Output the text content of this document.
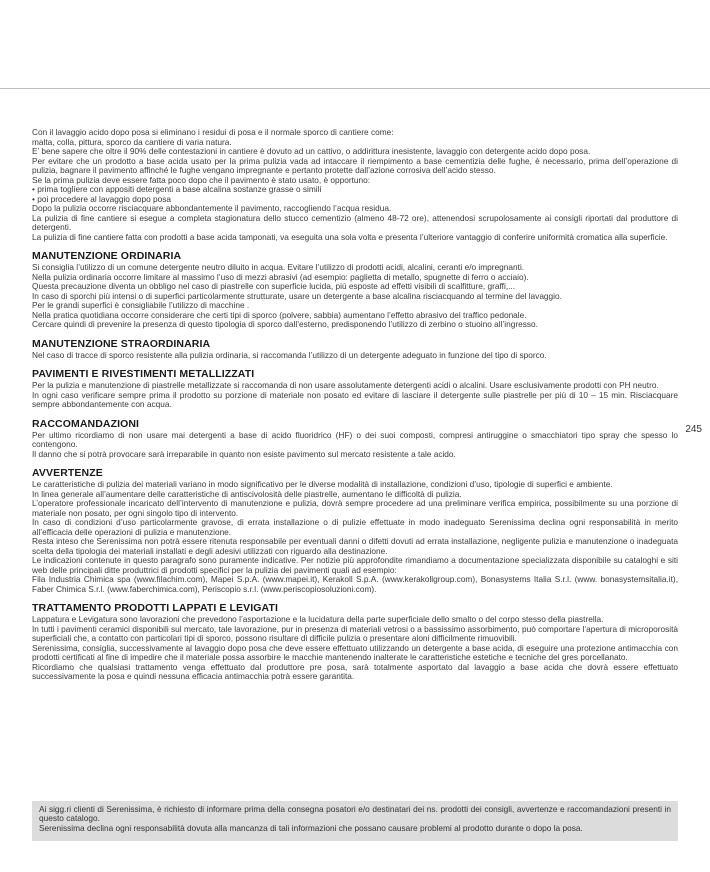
Con il lavaggio acido dopo posa si eliminano i residui di posa e il normale sporco di cantiere come:

malta, colla, pittura, sporco da cantiere di varia natura.

E’ bene sapere che oltre il 90% delle contestazioni in cantiere è dovuto ad un cattivo, o addirittura inesistente, lavaggio con detergente acido dopo posa.

Per evitare che un prodotto a base acida usato per la prima pulizia vada ad intaccare il riempimento a base cementizia delle fughe, è necessario, prima dell’operazione di pulizia, bagnare il pavimento affinché le fughe vengano impregnante e pertanto protette dall’azione corrosiva dell’acido stesso.

Se la prima pulizia deve essere fatta poco dopo che il pavimento è stato usato, è opportuno:

• prima togliere con appositi detergenti a base alcalina sostanze grasse o simili

• poi procedere al lavaggio dopo posa

Dopo la pulizia occorre risciacquare abbondantemente il pavimento, raccogliendo l’acqua residua.

La pulizia di fine cantiere si esegue a completa stagionatura dello stucco cementizio (almeno 48-72 ore), attenendosi scrupolosamente ai consigli riportati dal produttore di detergenti.

La pulizia di fine cantiere fatta con prodotti a base acida tamponati, va eseguita una sola volta e presenta l’ulteriore vantaggio di conferire uniformità cromatica alla superficie.

MANUTENZIONE ORDINARIA

Si consiglia l’utilizzo di un comune detergente neutro diluito in acqua. Evitare l’utilizzo di prodotti acidi, alcalini, ceranti e/o impregnanti.

Nella pulizia ordinaria occorre limitare al massimo l’uso di mezzi abrasivi (ad esempio: paglietta di metallo, spugnette di ferro o acciaio).

Questa precauzione diventa un obbligo nel caso di piastrelle con superficie lucida, più esposte ad effetti visibili di scalfitture, graffi,...

In caso di sporchi più intensi o di superfici particolarmente strutturate, usare un detergente a base alcalina risciacquando al termine del lavaggio.

Per le grandi superfici è consigliabile l’utilizzo di macchine .

Nella pratica quotidiana occorre considerare che certi tipi di sporco (polvere, sabbia) aumentano l’effetto abrasivo del traffico pedonale.

Cercare quindi di prevenire la presenza di questo tipologia di sporco dall’esterno, predisponendo l’utilizzo di zerbino o stuoino all’ingresso.

MANUTENZIONE STRAORDINARIA

Nel caso di tracce di sporco resistente alla pulizia ordinaria, si raccomanda l’utilizzo di un detergente adeguato in funzione del tipo di sporco.

PAVIMENTI E RIVESTIMENTI METALLIZZATI

Per la pulizia e manutenzione di piastrelle metallizzate si raccomanda di non usare assolutamente detergenti acidi o alcalini. Usare esclusivamente prodotti con PH neutro.

In ogni caso verificare sempre prima il prodotto su porzione di materiale non posato ed evitare di lasciare il detergente sulle piastrelle per più di 10 – 15 min. Risciacquare sempre abbondantemente con acqua.

RACCOMANDAZIONI

Per ultimo ricordiamo di non usare mai detergenti a base di acido fluoridrico (HF) o dei suoi composti, compresi antiruggine o smacchiatori tipo spray che spesso lo contengono.

Il danno che si potrà provocare sarà irreparabile in quanto non esiste pavimento sul mercato resistente a tale acido.

AVVERTENZE

Le caratteristiche di pulizia dei materiali variano in modo significativo per le diverse modalità di installazione, condizioni d’uso, tipologie di superfici e ambiente.

In linea generale all’aumentare delle caratteristiche di antiscivolosità delle piastrelle, aumentano le difficoltà di pulizia.

L’operatore professionale incaricato dell’intervento di manutenzione e pulizia, dovrà sempre procedere ad una preliminare verifica empirica, possibilmente su una porzione di materiale non posato, per ogni singolo tipo di intervento.

In caso di condizioni d’uso particolarmente gravose, di errata installazione o di pulizie effettuate in modo inadeguato Serenissima declina ogni responsabilità in merito all’efficacia delle operazioni di pulizia e manutenzione.

Resta inteso che Serenissima non potrà essere ritenuta responsabile per eventuali danni o difetti dovuti ad errata installazione, negligente pulizia e manutenzione o inadeguata scelta della tipologia dei materiali installati e degli adesivi utilizzati con riguardo alla destinazione.

Le indicazioni contenute in questo paragrafo sono puramente indicative. Per notizie più approfondite rimandiamo a documentazione specializzata disponibile su cataloghi e siti web delle principali ditte produttrici di prodotti specifici per la pulizia dei pavimenti quali ad esempio:

Fila Industria Chimica spa (www.filachim.com), Mapei S.p.A. (www.mapei.it), Kerakoll S.p.A. (www.kerakollgroup.com), Bonasystems Italia S.r.l. (www. bonasystemsitalia.it), Faber Chimica S.r.l. (www.faberchimica.com), Periscopio s.r.l. (www.periscopiosoluzioni.com).

TRATTAMENTO PRODOTTI LAPPATI E LEVIGATI

Lappatura e Levigatura sono lavorazioni che prevedono l’asportazione e la lucidatura della parte superficiale dello smalto o del corpo stesso della piastrella.

In tutti i pavimenti ceramici disponibili sul mercato, tale lavorazione, pur in presenza di materiali vetrosi o a bassissimo assorbimento, può comportare l’apertura di microporosità superficiali che, a contatto con particolari tipi di sporco, possono risultare di difficile pulizia o presentare aloni difficilmente rimuovibili.

Serenissima, consiglia, successivamente al lavaggio dopo posa che deve essere effettuato utilizzando un detergente a base acida, di eseguire una protezione antimacchia con prodotti certificati al fine di impedire che il materiale possa assorbire le macchie mantenendo inalterate le caratteristiche estetiche e tecniche del gres porcellanato.

Ricordiamo che qualsiasi trattamento venga effettuato dal produttore pre posa, sarà totalmente asportato dal lavaggio a base acida che dovrà essere effettuato successivamente la posa e quindi nessuna efficacia antimacchia potrà essere garantita.

245

Ai sigg.ri clienti di Serenissima, è richiesto di informare prima della consegna posatori e/o destinatari dei ns. prodotti dei consigli, avvertenze e raccomandazioni presenti in questo catalogo.

Serenissima declina ogni responsabilità dovuta alla mancanza di tali informazioni che possano causare problemi al prodotto durante o dopo la posa.
